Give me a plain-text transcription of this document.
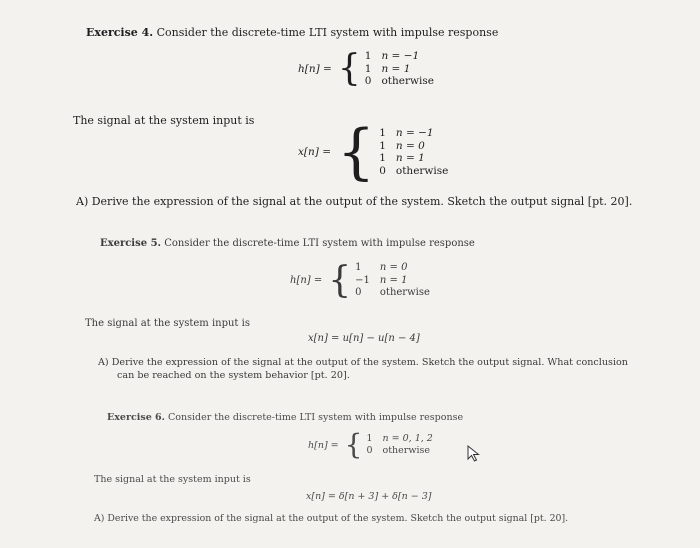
Exercise 4. Consider the discrete-time LTI system with impulse response
h[n] = { 1 n = −1
1 n = 1
0 otherwise
The signal at the system input is
x[n] = { 1 n = −1
1 n = 0
1 n = 1
0 otherwise
A) Derive the expression of the signal at the output of the system. Sketch the output signal [pt. 20].
Exercise 5. Consider the discrete-time LTI system with impulse response
h[n] = { 1	n = 0
−1 n = 1
0	otherwise
The signal at the system input is
x[n] = u[n] − u[n − 4]
A) Derive the expression of the signal at the output of the system. Sketch the output signal. What conclusion
can be reached on the system behavior [pt. 20].
Exercise 6. Consider the discrete-time LTI system with impulse response
h[n] = { 1 n = 0, 1, 2
0 otherwise
The signal at the system input is
x[n] = δ[n + 3] + δ[n − 3]
A) Derive the expression of the signal at the output of the system. Sketch the output signal [pt. 20].
